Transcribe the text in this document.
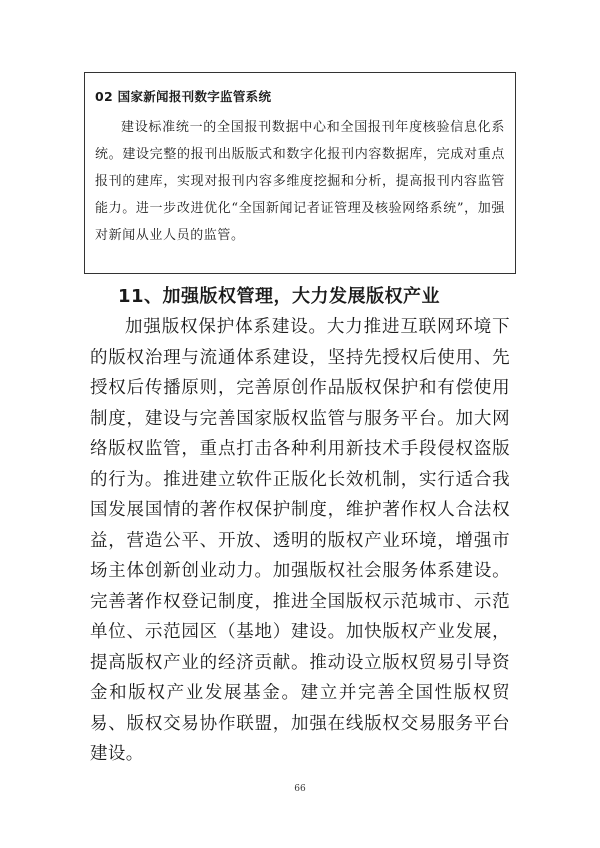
02 国家新闻报刊数字监管系统

建设标准统一的全国报刊数据中心和全国报刊年度核验信息化系统。建设完整的报刊出版版式和数字化报刊内容数据库，完成对重点报刊的建库，实现对报刊内容多维度挖掘和分析，提高报刊内容监管能力。进一步改进优化“全国新闻记者证管理及核验网络系统”，加强对新闻从业人员的监管。

11、加强版权管理，大力发展版权产业

加强版权保护体系建设。大力推进互联网环境下的版权治理与流通体系建设，坚持先授权后使用、先授权后传播原则，完善原创作品版权保护和有偿使用制度，建设与完善国家版权监管与服务平台。加大网络版权监管，重点打击各种利用新技术手段侵权盗版的行为。推进建立软件正版化长效机制，实行适合我国发展国情的著作权保护制度，维护著作权人合法权益，营造公平、开放、透明的版权产业环境，增强市场主体创新创业动力。加强版权社会服务体系建设。完善著作权登记制度，推进全国版权示范城市、示范单位、示范园区（基地）建设。加快版权产业发展，提高版权产业的经济贡献。推动设立版权贸易引导资金和版权产业发展基金。建立并完善全国性版权贸易、版权交易协作联盟，加强在线版权交易服务平台建设。

66
